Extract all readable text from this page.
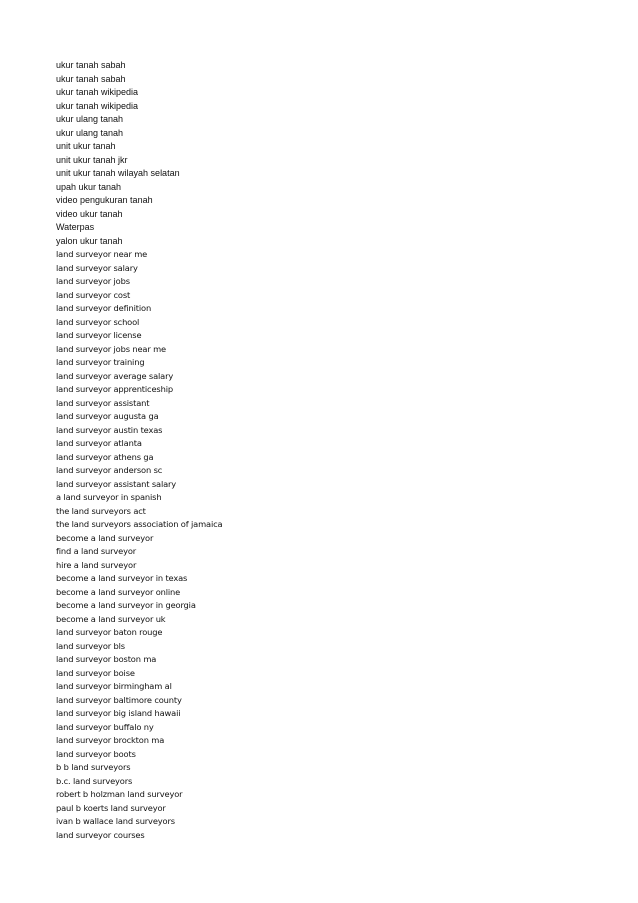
ukur tanah sabah
ukur tanah sabah
ukur tanah wikipedia
ukur tanah wikipedia
ukur ulang tanah
ukur ulang tanah
unit ukur tanah
unit ukur tanah jkr
unit ukur tanah wilayah selatan
upah ukur tanah
video pengukuran tanah
video ukur tanah
Waterpas
yalon ukur tanah
land surveyor near me
land surveyor salary
land surveyor jobs
land surveyor cost
land surveyor definition
land surveyor school
land surveyor license
land surveyor jobs near me
land surveyor training
land surveyor average salary
land surveyor apprenticeship
land surveyor assistant
land surveyor augusta ga
land surveyor austin texas
land surveyor atlanta
land surveyor athens ga
land surveyor anderson sc
land surveyor assistant salary
a land surveyor in spanish
the land surveyors act
the land surveyors association of jamaica
become a land surveyor
find a land surveyor
hire a land surveyor
become a land surveyor in texas
become a land surveyor online
become a land surveyor in georgia
become a land surveyor uk
land surveyor baton rouge
land surveyor bls
land surveyor boston ma
land surveyor boise
land surveyor birmingham al
land surveyor baltimore county
land surveyor big island hawaii
land surveyor buffalo ny
land surveyor brockton ma
land surveyor boots
b b land surveyors
b.c. land surveyors
robert b holzman land surveyor
paul b koerts land surveyor
ivan b wallace land surveyors
land surveyor courses
